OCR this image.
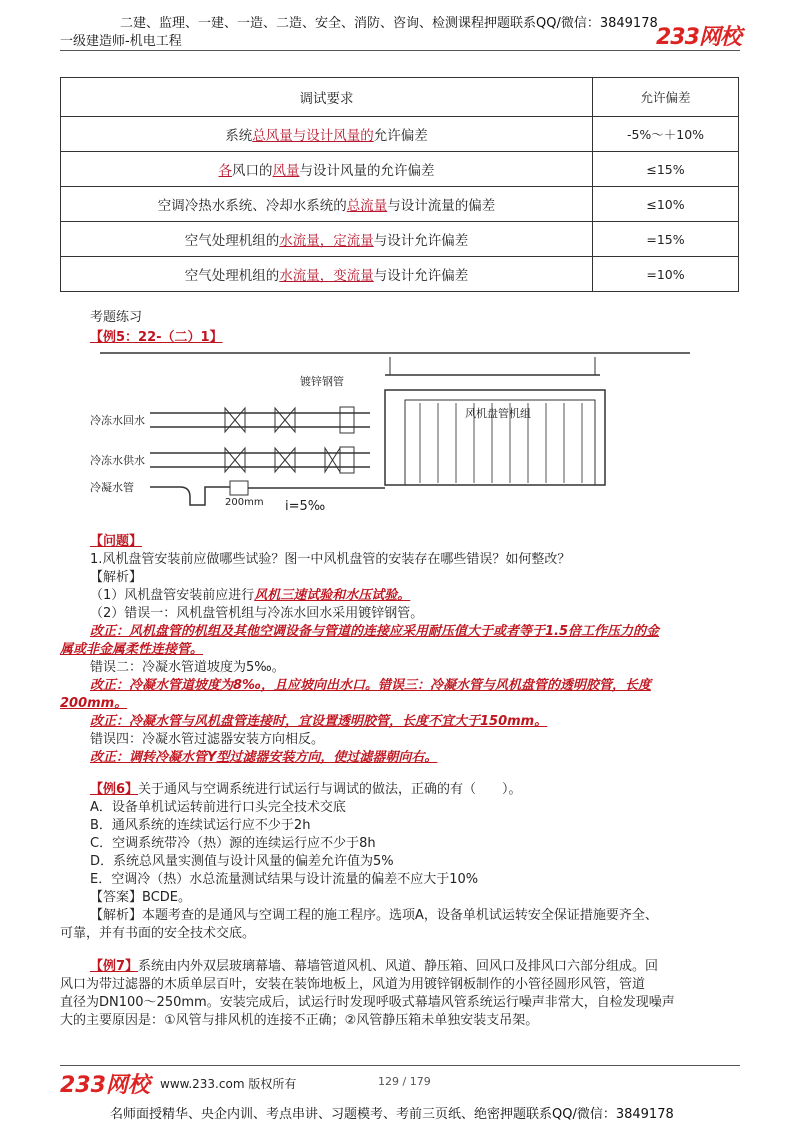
二建、监理、一建、一造、二造、安全、消防、咨询、检测课程押题联系QQ/微信：3849178
一级建造师-机电工程	233网校
调试要求	允许偏差
系统总风量与设计风量的允许偏差	-5%～＋10%
各风口的风量与设计风量的允许偏差	≤15%
空调冷热水系统、冷却水系统的总流量与设计流量的偏差	≤10%
空气处理机组的水流量，定流量与设计允许偏差	=15%
空气处理机组的水流量，变流量与设计允许偏差	=10%
考题练习
【例5：22-（二）1】
风机盘管机组
镀锌钢管
冷冻水回水
冷冻水供水
冷凝水管
200mm i=5‰
【问题】
1.风机盘管安装前应做哪些试验？图一中风机盘管的安装存在哪些错误？如何整改？
【解析】
（1）风机盘管安装前应进行风机三速试验和水压试验。
（2）错误一：风机盘管机组与冷冻水回水采用镀锌钢管。
改正：风机盘管的机组及其他空调设备与管道的连接应采用耐压值大于或者等于1.5倍工作压力的金
属或非金属柔性连接管。
错误二：冷凝水管道坡度为5‰。
改正：冷凝水管道坡度为8‰，且应坡向出水口。错误三：冷凝水管与风机盘管的透明胶管，长度
200mm。
改正：冷凝水管与风机盘管连接时，宜设置透明胶管，长度不宜大于150mm。
错误四：冷凝水管过滤器安装方向相反。
改正：调转冷凝水管Y型过滤器安装方向，使过滤器朝向右。
【例6】关于通风与空调系统进行试运行与调试的做法，正确的有（　　）。
A．设备单机试运转前进行口头完全技术交底
B．通风系统的连续试运行应不少于2h
C．空调系统带冷（热）源的连续运行应不少于8h
D．系统总风量实测值与设计风量的偏差允许值为5%
E．空调冷（热）水总流量测试结果与设计流量的偏差不应大于10%
【答案】BCDE。
【解析】本题考查的是通风与空调工程的施工程序。选项A，设备单机试运转安全保证措施要齐全、
可靠，并有书面的安全技术交底。
【例7】系统由内外双层玻璃幕墙、幕墙管道风机、风道、静压箱、回风口及排风口六部分组成。回
风口为带过滤器的木质单层百叶，安装在装饰地板上，风道为用镀锌钢板制作的小管径圆形风管，管道
直径为DN100～250mm。安装完成后，试运行时发现呼吸式幕墙风管系统运行噪声非常大，自检发现噪声
大的主要原因是：①风管与排风机的连接不正确；②风管静压箱未单独安装支吊架。
233网校 www.233.com 版权所有	129 / 179
名师面授精华、央企内训、考点串讲、习题模考、考前三页纸、绝密押题联系QQ/微信：3849178
